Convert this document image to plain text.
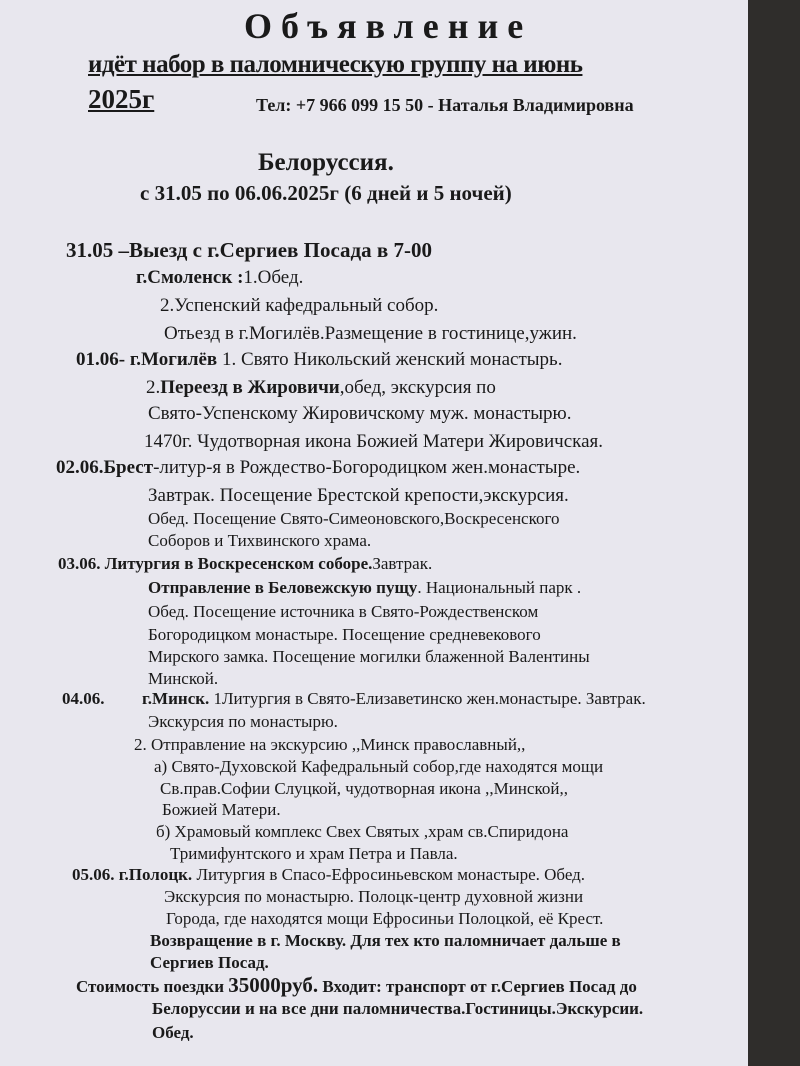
Объявление
идёт набор в паломническую группу на июнь
2025г	Тел: +7 966 099 15 50 - Наталья Владимировна
Белоруссия.
с 31.05 по 06.06.2025г (6 дней и 5 ночей)
31.05 –Выезд с г.Сергиев Посада в 7-00
г.Смоленск :1.Обед.
2.Успенский кафедральный собор.
Отьезд в г.Могилёв.Размещение в гостинице,ужин.
01.06- г.Могилёв 1. Свято Никольский женский монастырь.
2.Переезд в Жировичи,обед, экскурсия по
Свято-Успенскому Жировичскому муж. монастырю.
1470г. Чудотворная икона Божией Матери Жировичская.
02.06.Брест-литур-я в Рождество-Богородицком жен.монастыре.
Завтрак. Посещение Брестской крепости,экскурсия.
Обед. Посещение Свято-Симеоновского,Воскресенского
Соборов и Тихвинского храма.
03.06. Литургия в Воскресенском соборе.Завтрак.
Отправление в Беловежскую пущу. Национальный парк .
Обед. Посещение источника в Свято-Рождественском
Богородицком монастыре. Посещение средневекового
Мирского замка. Посещение могилки блаженной Валентины
Минской.
04.06. г.Минск. 1Литургия в Свято-Елизаветинско жен.монастыре. Завтрак.
Экскурсия по монастырю.
2. Отправление на экскурсию ,,Минск православный,,
а) Свято-Духовской Кафедральный собор,где находятся мощи
Св.прав.Софии Слуцкой, чудотворная икона ,,Минской,,
Божией Матери.
б) Храмовый комплекс Свех Святых ,храм св.Спиридона
Тримифунтского и храм Петра и Павла.
05.06. г.Полоцк. Литургия в Спасо-Ефросиньевском монастыре. Обед.
Экскурсия по монастырю. Полоцк-центр духовной жизни
Города, где находятся мощи Ефросиньи Полоцкой, её Крест.
Возвращение в г. Москву. Для тех кто паломничает дальше в
Сергиев Посад.
Стоимость поездки 35000руб. Входит: транспорт от г.Сергиев Посад до
Белоруссии и на все дни паломничества.Гостиницы.Экскурсии.
Обед.
